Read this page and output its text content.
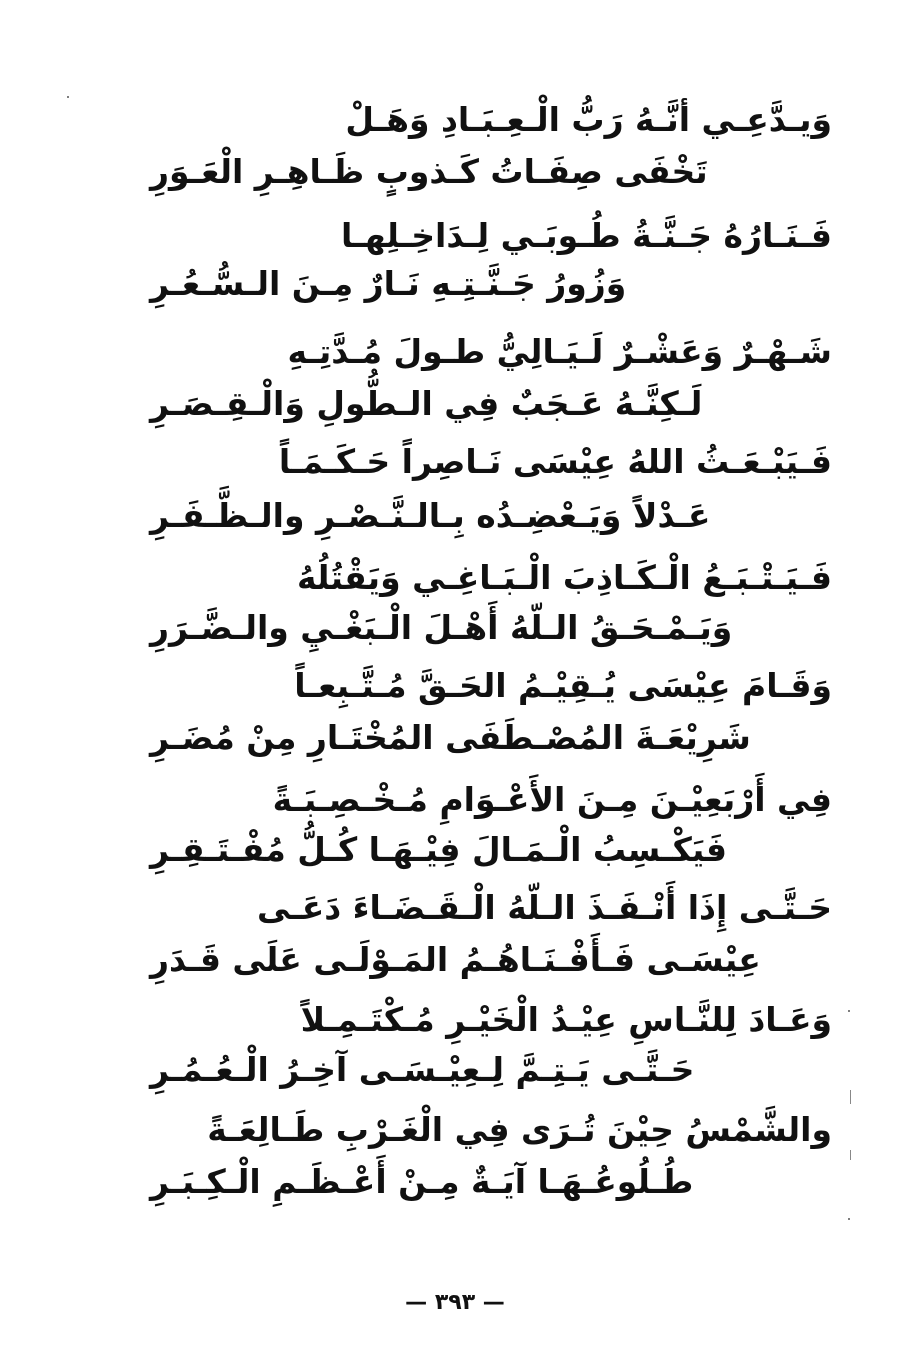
وَيـدَّعِـي أنَّـهُ رَبُّ الْـعِـبَـادِ وَهَـلْ
تَخْفَى صِفَـاتُ كَـذوبٍ ظَـاهِـرِ الْعَـوَرِ
فَـنَـارُهُ جَـنَّـةُ طُـوبَـي لِـدَاخِـلِهـا
وَزُورُ جَـنَّـتِـهِ نَـارٌ مِـنَ الـسُّـعُـرِ
شَـهْـرٌ وَعَشْـرٌ لَـيَـالِيُّ طـولَ مُـدَّتِـهِ
لَـكِنَّـهُ عَـجَبٌ فِي الـطُّولِ وَالْـقِـصَـرِ
فَـيَبْـعَـثُ اللهُ عِيْسَى نَـاصِراً حَـكَـمَـاً
عَـدْلاً وَيَـعْضِـدُه بِـالـنَّـصْـرِ والـظَّـفَـرِ
فَـيَـتْـبَـعُ الْـكَـاذِبَ الْـبَـاغِـي وَيَقْتُلُهُ
وَيَـمْـحَـقُ الـلّهُ أَهْـلَ الْـبَغْـيِ والـضَّـرَرِ
وَقَـامَ عِيْسَى يُـقِيْـمُ الحَـقَّ مُـتَّـبِعـاً
شَرِيْعَـةَ المُصْـطَفَى المُخْتَـارِ مِنْ مُضَـرِ
فِي أَرْبَعِيْـنَ مِـنَ الأَعْـوَامِ مُـخْـصِـبَـةً
فَيَكْـسِبُ الْـمَـالَ فِيْـهَـا كُـلُّ مُفْـتَـقِـرِ
حَـتَّـى إِذَا أَنْـفَـذَ الـلّهُ الْـقَـضَـاءَ دَعَـى
عِيْسَـى فَـأَفْـنَـاهُـمُ المَـوْلَـى عَلَى قَـدَرِ
وَعَـادَ لِلنَّـاسِ عِيْـدُ الْخَيْـرِ مُـكْتَـمِـلاً
حَـتَّـى يَـتِـمَّ لِـعِيْـسَـى آخِـرُ الْـعُـمُـرِ
والشَّمْسُ حِيْنَ تُـرَى فِي الْغَـرْبِ طَـالِعَـةً
طُـلُوعُـهَـا آيَـةٌ مِـنْ أَعْـظَـمِ الْـكِـبَـرِ
— ٣٩٣ —
